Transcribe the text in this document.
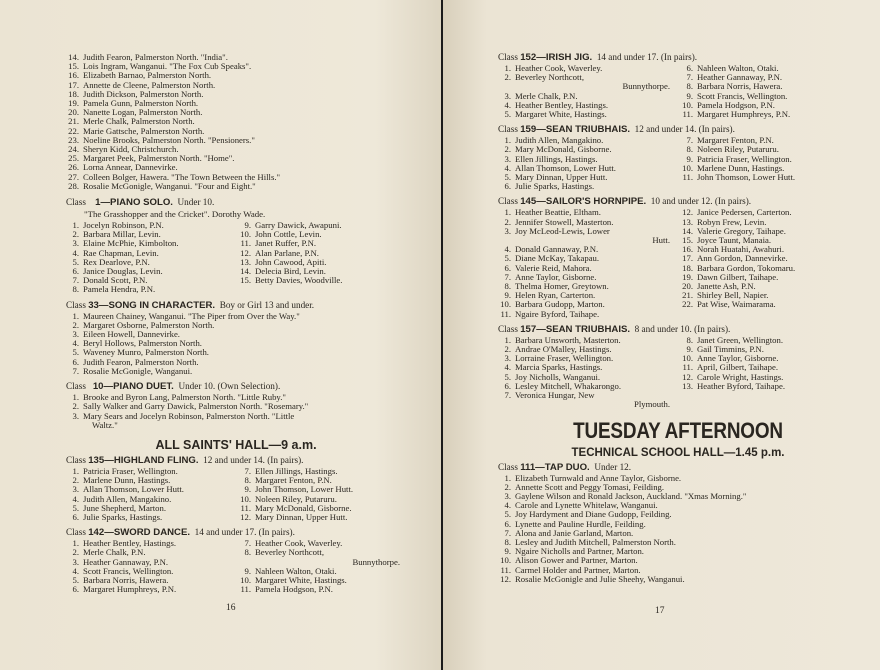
14. Judith Fearon, Palmerston North. "India".
15. Lois Ingram, Wanganui. "The Fox Cub Speaks".
16. Elizabeth Barnao, Palmerston North.
17. Annette de Cleene, Palmerston North.
18. Judith Dickson, Palmerston North.
19. Pamela Gunn, Palmerston North.
20. Nanette Logan, Palmerston North.
21. Merle Chalk, Palmerston North.
22. Marie Gattsche, Palmerston North.
23. Noeline Brooks, Palmerston North. "Pensioners."
24. Sheryn Kidd, Christchurch.
25. Margaret Peek, Palmerston North. "Home".
26. Lorna Annear, Dannevirke.
27. Colleen Bolger, Hawera. "The Town Between the Hills."
28. Rosalie McGonigle, Wanganui. "Four and Eight."
Class 1—PIANO SOLO. Under 10.
"The Grasshopper and the Cricket". Dorothy Wade.
1. Jocelyn Robinson, P.N.	9. Garry Dawick, Awapuni.
2. Barbara Millar, Levin.	10. John Cottle, Levin.
3. Elaine McPhie, Kimbolton.	11. Janet Ruffer, P.N.
4. Rae Chapman, Levin.	12. Alan Parlane, P.N.
5. Rex Dearlove, P.N.	13. John Cawood, Apiti.
6. Janice Douglas, Levin.	14. Delecia Bird, Levin.
7. Donald Scott, P.N.	15. Betty Davies, Woodville.
8. Pamela Hendra, P.N.
Class 33—SONG IN CHARACTER. Boy or Girl 13 and under.
1. Maureen Chainey, Wanganui. "The Piper from Over the Way."
2. Margaret Osborne, Palmerston North.
3. Eileen Howell, Dannevirke.
4. Beryl Hollows, Palmerston North.
5. Waveney Munro, Palmerston North.
6. Judith Fearon, Palmerston North.
7. Rosalie McGonigle, Wanganui.
Class 10—PIANO DUET. Under 10. (Own Selection).
1. Brooke and Byron Lang, Palmerston North. "Little Ruby."
2. Sally Walker and Garry Dawick, Palmerston North. "Rosemary."
3. Mary Sears and Jocelyn Robinson, Palmerston North. "Little
Waltz."
ALL SAINTS' HALL—9 a.m.
Class 135—HIGHLAND FLING. 12 and under 14. (In pairs).
1. Patricia Fraser, Wellington.	7. Ellen Jillings, Hastings.
2. Marlene Dunn, Hastings.	8. Margaret Fenton, P.N.
3. Allan Thomson, Lower Hutt.	9. John Thomson, Lower Hutt.
4. Judith Allen, Mangakino.	10. Noleen Riley, Putaruru.
5. June Shepherd, Marton.	11. Mary McDonald, Gisborne.
6. Julie Sparks, Hastings.	12. Mary Dinnan, Upper Hutt.
Class 142—SWORD DANCE. 14 and under 17. (In pairs).
1. Heather Bentley, Hastings.	7. Heather Cook, Waverley.
2. Merle Chalk, P.N.	8. Beverley Northcott,
3. Heather Gannaway, P.N.	Bunnythorpe.
4. Scott Francis, Wellington.	9. Nahleen Walton, Otaki.
5. Barbara Norris, Hawera.	10. Margaret White, Hastings.
6. Margaret Humphreys, P.N.	11. Pamela Hodgson, P.N.
16
Class 152—IRISH JIG. 14 and under 17. (In pairs).
1. Heather Cook, Waverley.	6. Nahleen Walton, Otaki.
2. Beverley Northcott,	7. Heather Gannaway, P.N.
Bunnythorpe.	8. Barbara Norris, Hawera.
3. Merle Chalk, P.N.	9. Scott Francis, Wellington.
4. Heather Bentley, Hastings.	10. Pamela Hodgson, P.N.
5. Margaret White, Hastings.	11. Margaret Humphreys, P.N.
Class 159—SEAN TRIUBHAIS. 12 and under 14. (In pairs).
1. Judith Allen, Mangakino.	7. Margaret Fenton, P.N.
2. Mary McDonald, Gisborne.	8. Noleen Riley, Putaruru.
3. Ellen Jillings, Hastings.	9. Patricia Fraser, Wellington.
4. Allan Thomson, Lower Hutt.	10. Marlene Dunn, Hastings.
5. Mary Dinnan, Upper Hutt.	11. John Thomson, Lower Hutt.
6. Julie Sparks, Hastings.
Class 145—SAILOR'S HORNPIPE. 10 and under 12. (In pairs).
1. Heather Beattie, Eltham.	12. Janice Pedersen, Carterton.
2. Jennifer Stowell, Masterton.	13. Robyn Frew, Levin.
3. Joy McLeod-Lewis, Lower	14. Valerie Gregory, Taihape.
Hutt.	15. Joyce Taunt, Manaia.
4. Donald Gannaway, P.N.	16. Norah Huatahi, Awahuri.
5. Diane McKay, Takapau.	17. Ann Gordon, Dannevirke.
6. Valerie Reid, Mahora.	18. Barbara Gordon, Tokomaru.
7. Anne Taylor, Gisborne.	19. Dawn Gilbert, Taihape.
8. Thelma Homer, Greytown.	20. Janette Ash, P.N.
9. Helen Ryan, Carterton.	21. Shirley Bell, Napier.
10. Barbara Gudopp, Marton.	22. Pat Wise, Waimarama.
11. Ngaire Byford, Taihape.
Class 157—SEAN TRIUBHAIS. 8 and under 10. (In pairs).
1. Barbara Unsworth, Masterton.	8. Janet Green, Wellington.
2. Andrae O'Malley, Hastings.	9. Gail Timmins, P.N.
3. Lorraine Fraser, Wellington.	10. Anne Taylor, Gisborne.
4. Marcia Sparks, Hastings.	11. April, Gilbert, Taihape.
5. Joy Nicholls, Wanganui.	12. Carole Wright, Hastings.
6. Lesley Mitchell, Whakarongo.	13. Heather Byford, Taihape.
7. Veronica Hungar, New
Plymouth.
TUESDAY AFTERNOON
TECHNICAL SCHOOL HALL—1.45 p.m.
Class 111—TAP DUO. Under 12.
1. Elizabeth Turnwald and Anne Taylor, Gisborne.
2. Annette Scott and Peggy Tomasi, Feilding.
3. Gaylene Wilson and Ronald Jackson, Auckland. "Xmas Morning."
4. Carole and Lynette Whitelaw, Wanganui.
5. Joy Hardyment and Diane Gudopp, Feilding.
6. Lynette and Pauline Hurdle, Feilding.
7. Alona and Janie Garland, Marton.
8. Lesley and Judith Mitchell, Palmerston North.
9. Ngaire Nicholls and Partner, Marton.
10. Alison Gower and Partner, Marton.
11. Carmel Holder and Partner, Marton.
12. Rosalie McGonigle and Julie Sheehy, Wanganui.
17
